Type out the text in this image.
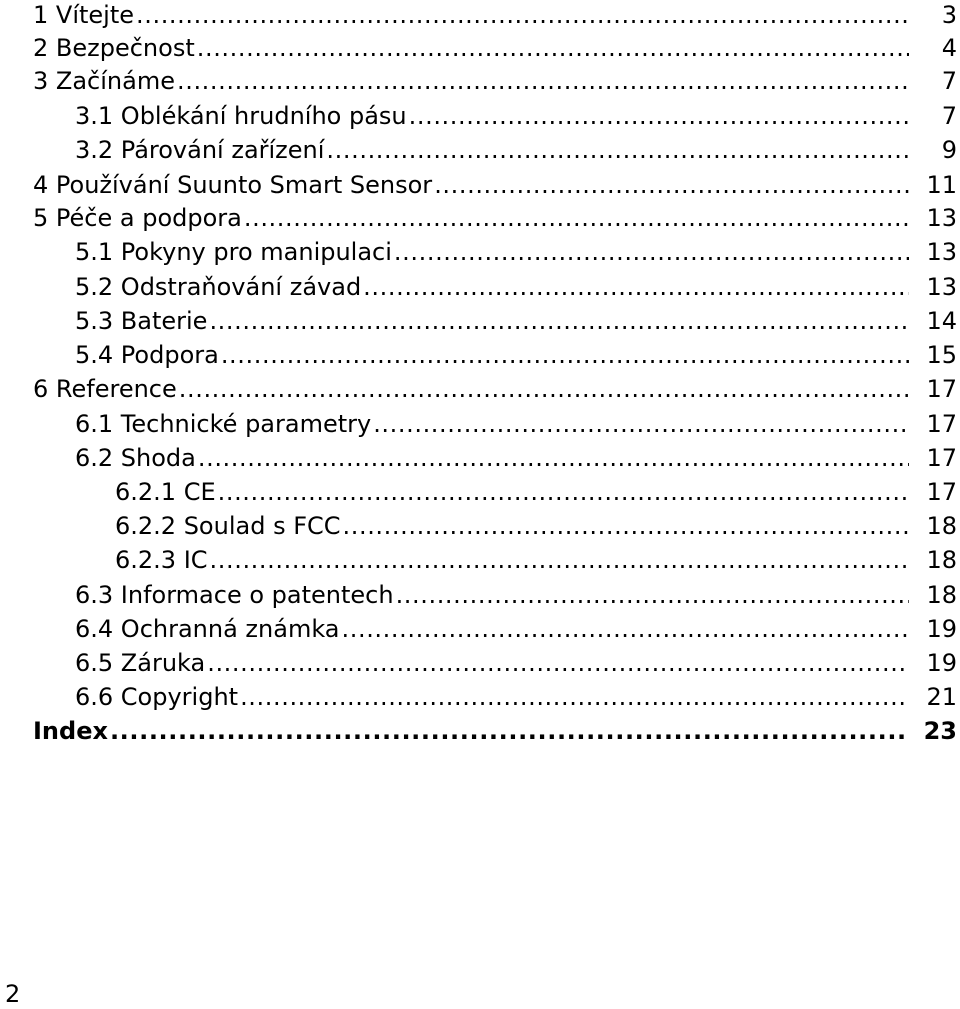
1 Vítejte .....	3
2 Bezpečnost .....	4
3 Začínáme .....	7
3.1 Oblékání hrudního pásu .....	7
3.2 Párování zařízení .....	9
4 Používání Suunto Smart Sensor .....	11
5 Péče a podpora .....	13
5.1 Pokyny pro manipulaci .....	13
5.2 Odstraňování závad .....	13
5.3 Baterie .....	14
5.4 Podpora .....	15
6 Reference .....	17
6.1 Technické parametry .....	17
6.2 Shoda .....	17
6.2.1 CE .....	17
6.2.2 Soulad s FCC .....	18
6.2.3 IC .....	18
6.3 Informace o patentech .....	18
6.4 Ochranná známka .....	19
6.5 Záruka .....	19
6.6 Copyright .....	21
Index .....	23
2
